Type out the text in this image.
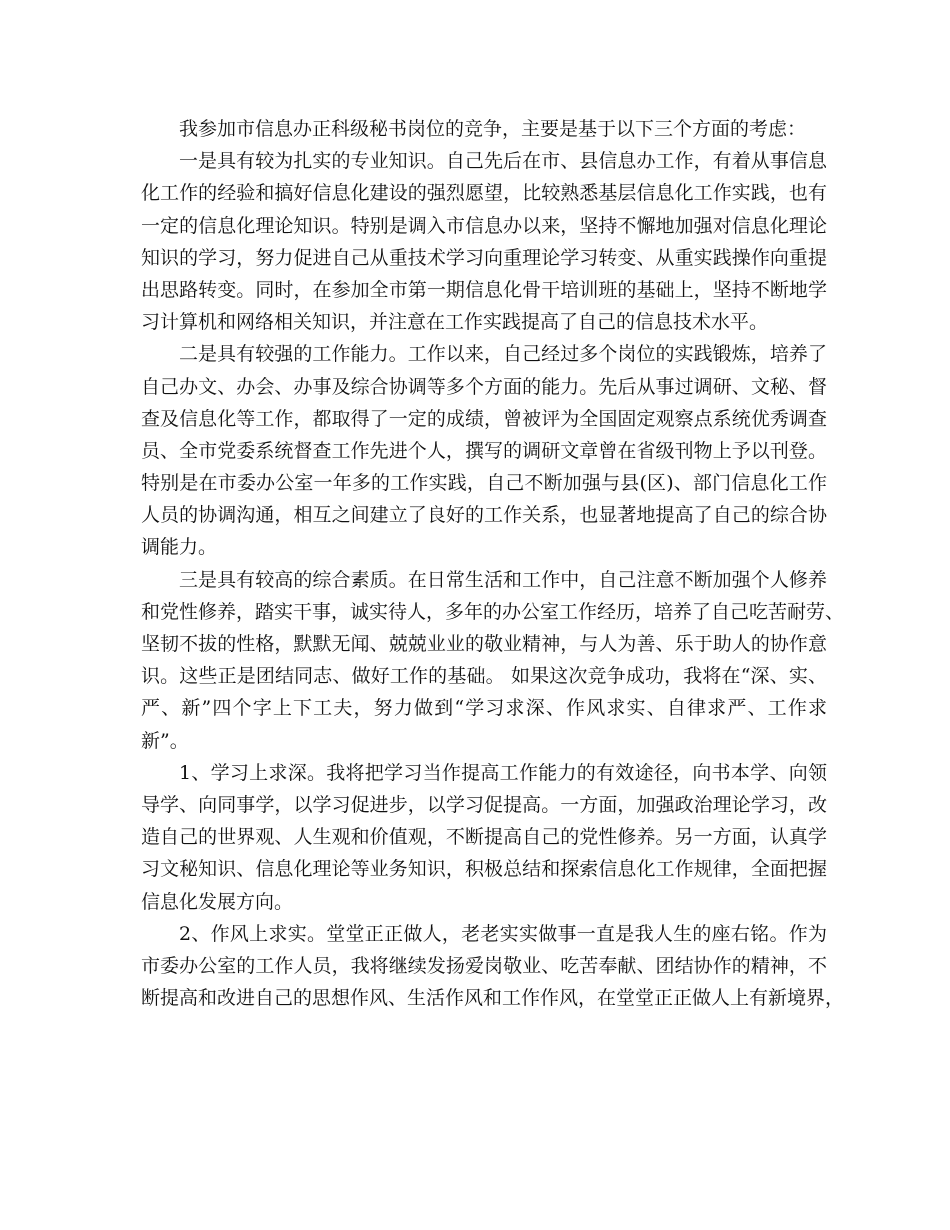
我参加市信息办正科级秘书岗位的竞争，主要是基于以下三个方面的考虑：
一是具有较为扎实的专业知识。自己先后在市、县信息办工作，有着从事信息
化工作的经验和搞好信息化建设的强烈愿望，比较熟悉基层信息化工作实践，也有
一定的信息化理论知识。特别是调入市信息办以来，坚持不懈地加强对信息化理论
知识的学习，努力促进自己从重技术学习向重理论学习转变、从重实践操作向重提
出思路转变。同时，在参加全市第一期信息化骨干培训班的基础上，坚持不断地学
习计算机和网络相关知识，并注意在工作实践提高了自己的信息技术水平。
二是具有较强的工作能力。工作以来，自己经过多个岗位的实践锻炼，培养了
自己办文、办会、办事及综合协调等多个方面的能力。先后从事过调研、文秘、督
查及信息化等工作，都取得了一定的成绩，曾被评为全国固定观察点系统优秀调查
员、全市党委系统督查工作先进个人，撰写的调研文章曾在省级刊物上予以刊登。
特别是在市委办公室一年多的工作实践，自己不断加强与县(区)、部门信息化工作
人员的协调沟通，相互之间建立了良好的工作关系，也显著地提高了自己的综合协
调能力。
三是具有较高的综合素质。在日常生活和工作中，自己注意不断加强个人修养
和党性修养，踏实干事，诚实待人，多年的办公室工作经历，培养了自己吃苦耐劳、
坚韧不拔的性格，默默无闻、兢兢业业的敬业精神，与人为善、乐于助人的协作意
识。这些正是团结同志、做好工作的基础。 如果这次竞争成功，我将在“深、实、
严、新”四个字上下工夫，努力做到“学习求深、作风求实、自律求严、工作求
新”。
1、学习上求深。我将把学习当作提高工作能力的有效途径，向书本学、向领
导学、向同事学，以学习促进步，以学习促提高。一方面，加强政治理论学习，改
造自己的世界观、人生观和价值观，不断提高自己的党性修养。另一方面，认真学
习文秘知识、信息化理论等业务知识，积极总结和探索信息化工作规律，全面把握
信息化发展方向。
2、作风上求实。堂堂正正做人，老老实实做事一直是我人生的座右铭。作为
市委办公室的工作人员，我将继续发扬爱岗敬业、吃苦奉献、团结协作的精神，不
断提高和改进自己的思想作风、生活作风和工作作风，在堂堂正正做人上有新境界，
